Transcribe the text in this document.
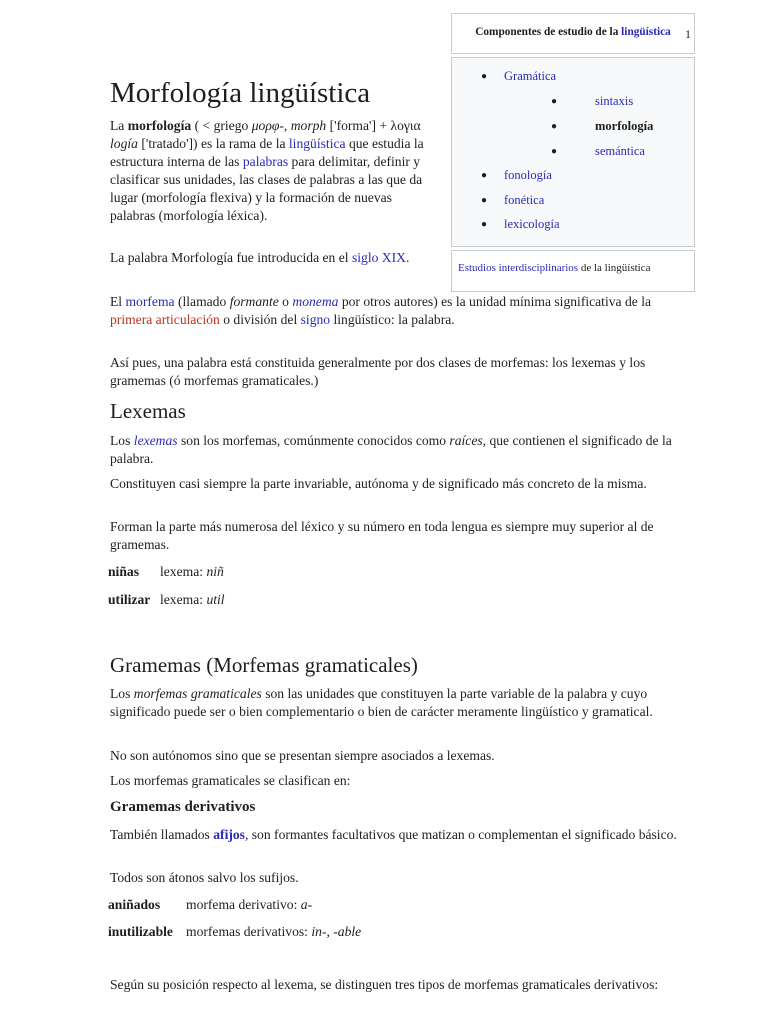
Componentes de estudio de la lingüística 1
● Gramática
●	sintaxis
●	morfología
●	semántica
● fonología
● fonética
● lexicología
Estudios interdisciplinarios de la lingüística
Morfología lingüística

La morfología ( < griego μορφ-, morph ['forma'] + λογια logía ['tratado']) es la rama de la lingüística que estudia la estructura interna de las palabras para delimitar, definir y clasificar sus unidades, las clases de palabras a las que da lugar (morfología flexiva) y la formación de nuevas palabras (morfología léxica).

La palabra Morfología fue introducida en el siglo XIX.

El morfema (llamado formante o monema por otros autores) es la unidad mínima significativa de la primera articulación o división del signo lingüístico: la palabra.

Así pues, una palabra está constituida generalmente por dos clases de morfemas: los lexemas y los gramemas (ó morfemas gramaticales.)

Lexemas

Los lexemas son los morfemas, comúnmente conocidos como raíces, que contienen el significado de la palabra.

Constituyen casi siempre la parte invariable, autónoma y de significado más concreto de la misma.

Forman la parte más numerosa del léxico y su número en toda lengua es siempre muy superior al de gramemas.

niñas lexema: niñ
utilizar lexema: util
Gramemas (Morfemas gramaticales)

Los morfemas gramaticales son las unidades que constituyen la parte variable de la palabra y cuyo significado puede ser o bien complementario o bien de carácter meramente lingüístico y gramatical.

No son autónomos sino que se presentan siempre asociados a lexemas.

Los morfemas gramaticales se clasifican en:

Gramemas derivativos

También llamados afijos, son formantes facultativos que matizan o complementan el significado básico.

Todos son átonos salvo los sufijos.

aniñados morfema derivativo: a-
inutilizable morfemas derivativos: in-, -able

Según su posición respecto al lexema, se distinguen tres tipos de morfemas gramaticales derivativos:
